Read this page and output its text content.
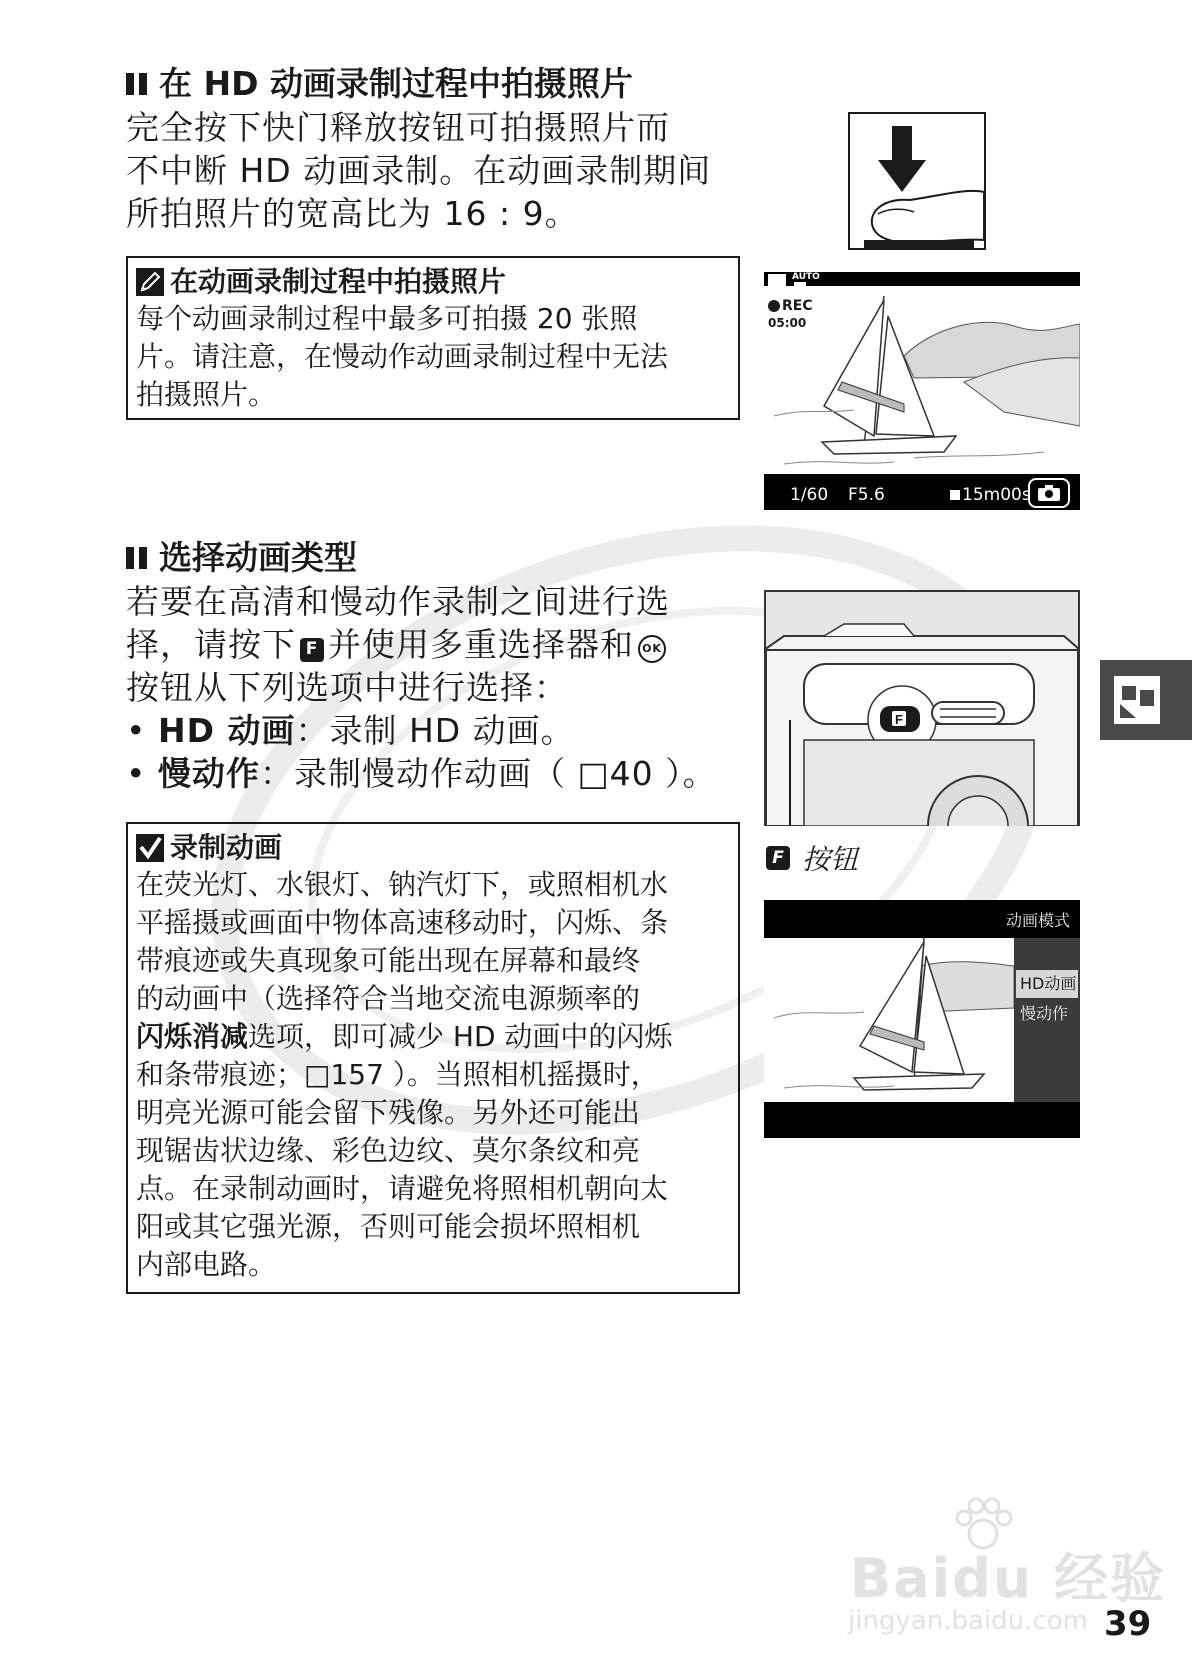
在 HD 动画录制过程中拍摄照片
完全按下快门释放按钮可拍摄照片而
不中断 HD 动画录制。在动画录制期间
所拍照片的宽高比为 16 : 9。
在动画录制过程中拍摄照片
每个动画录制过程中最多可拍摄 20 张照
片。请注意，在慢动作动画录制过程中无法
拍摄照片。
AUTO
REC
05:00
1/60 F5.6	15m00s
选择动画类型
若要在高清和慢动作录制之间进行选
择，请按下 F 并使用多重选择器和 OK
按钮从下列选项中进行选择：
• HD 动画：录制 HD 动画。
• 慢动作：录制慢动作动画（ □40 ）。
F
F 按钮
动画模式
HD动画
慢动作
录制动画
在荧光灯、水银灯、钠汽灯下，或照相机水
平摇摄或画面中物体高速移动时，闪烁、条
带痕迹或失真现象可能出现在屏幕和最终
的动画中（选择符合当地交流电源频率的
闪烁消减选项，即可减少 HD 动画中的闪烁
和条带痕迹；□157 ）。当照相机摇摄时，
明亮光源可能会留下残像。另外还可能出
现锯齿状边缘、彩色边纹、莫尔条纹和亮
点。在录制动画时，请避免将照相机朝向太
阳或其它强光源，否则可能会损坏照相机
内部电路。
Baidu 经验
jingyan.baidu.com 39
